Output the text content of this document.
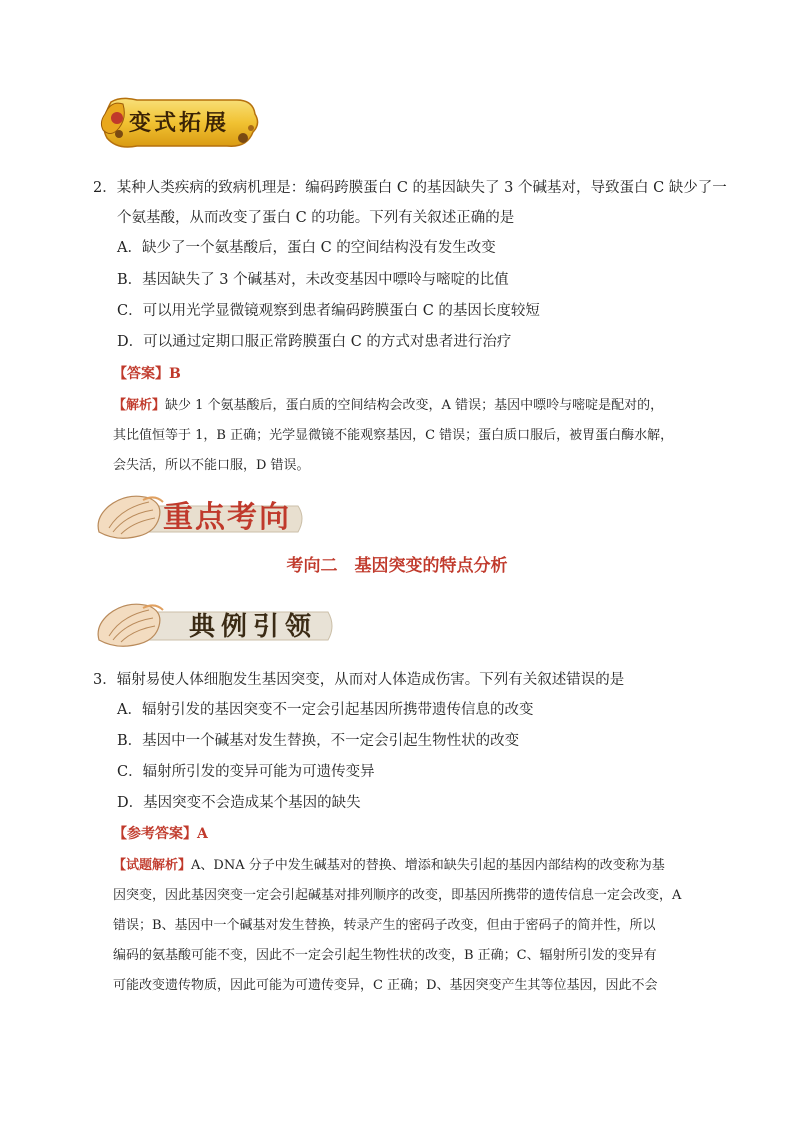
变式拓展
2．某种人类疾病的致病机理是：编码跨膜蛋白 C 的基因缺失了 3 个碱基对，导致蛋白 C 缺少了一
个氨基酸，从而改变了蛋白 C 的功能。下列有关叙述正确的是
A．缺少了一个氨基酸后，蛋白 C 的空间结构没有发生改变
B．基因缺失了 3 个碱基对，未改变基因中嘌呤与嘧啶的比值
C．可以用光学显微镜观察到患者编码跨膜蛋白 C 的基因长度较短
D．可以通过定期口服正常跨膜蛋白 C 的方式对患者进行治疗
【答案】B
【解析】缺少 1 个氨基酸后，蛋白质的空间结构会改变，A 错误；基因中嘌呤与嘧啶是配对的，
其比值恒等于 1，B 正确；光学显微镜不能观察基因，C 错误；蛋白质口服后，被胃蛋白酶水解，
会失活，所以不能口服，D 错误。
重点考向
考向二　基因突变的特点分析
典例引领
3．辐射易使人体细胞发生基因突变，从而对人体造成伤害。下列有关叙述错误的是
A．辐射引发的基因突变不一定会引起基因所携带遗传信息的改变
B．基因中一个碱基对发生替换，不一定会引起生物性状的改变
C．辐射所引发的变异可能为可遗传变异
D．基因突变不会造成某个基因的缺失
【参考答案】A
【试题解析】A、DNA 分子中发生碱基对的替换、增添和缺失引起的基因内部结构的改变称为基
因突变，因此基因突变一定会引起碱基对排列顺序的改变，即基因所携带的遗传信息一定会改变，A
错误；B、基因中一个碱基对发生替换，转录产生的密码子改变，但由于密码子的简并性，所以
编码的氨基酸可能不变，因此不一定会引起生物性状的改变，B 正确；C、辐射所引发的变异有
可能改变遗传物质，因此可能为可遗传变异，C 正确；D、基因突变产生其等位基因，因此不会
